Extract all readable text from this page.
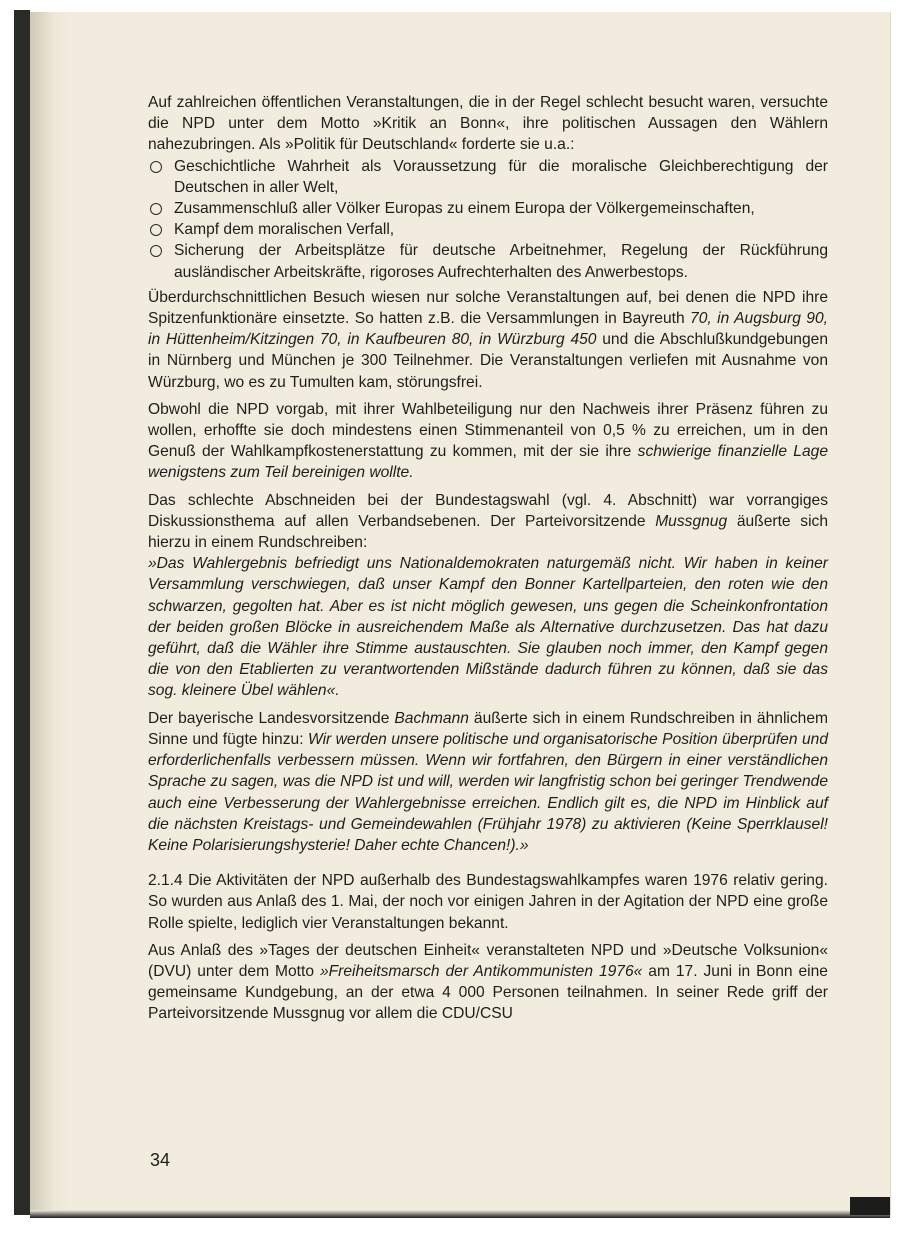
Auf zahlreichen öffentlichen Veranstaltungen, die in der Regel schlecht besucht waren, versuchte die NPD unter dem Motto »Kritik an Bonn«, ihre politischen Aussagen den Wählern nahezubringen. Als »Politik für Deutschland« forderte sie u.a.:

Geschichtliche Wahrheit als Voraussetzung für die moralische Gleichberechtigung der Deutschen in aller Welt,
Zusammenschluß aller Völker Europas zu einem Europa der Völkergemeinschaften,
Kampf dem moralischen Verfall,
Sicherung der Arbeitsplätze für deutsche Arbeitnehmer, Regelung der Rückführung ausländischer Arbeitskräfte, rigoroses Aufrechterhalten des Anwerbestops.

Überdurchschnittlichen Besuch wiesen nur solche Veranstaltungen auf, bei denen die NPD ihre Spitzenfunktionäre einsetzte. So hatten z.B. die Versammlungen in Bayreuth 70, in Augsburg 90, in Hüttenheim/Kitzingen 70, in Kaufbeuren 80, in Würzburg 450 und die Abschlußkundgebungen in Nürnberg und München je 300 Teilnehmer. Die Veranstaltungen verliefen mit Ausnahme von Würzburg, wo es zu Tumulten kam, störungsfrei.

Obwohl die NPD vorgab, mit ihrer Wahlbeteiligung nur den Nachweis ihrer Präsenz führen zu wollen, erhoffte sie doch mindestens einen Stimmenanteil von 0,5 % zu erreichen, um in den Genuß der Wahlkampfkostenerstattung zu kommen, mit der sie ihre schwierige finanzielle Lage wenigstens zum Teil bereinigen wollte.

Das schlechte Abschneiden bei der Bundestagswahl (vgl. 4. Abschnitt) war vorrangiges Diskussionsthema auf allen Verbandsebenen. Der Parteivorsitzende Mussgnug äußerte sich hierzu in einem Rundschreiben:

»Das Wahlergebnis befriedigt uns Nationaldemokraten naturgemäß nicht. Wir haben in keiner Versammlung verschwiegen, daß unser Kampf den Bonner Kartellparteien, den roten wie den schwarzen, gegolten hat. Aber es ist nicht möglich gewesen, uns gegen die Scheinkonfrontation der beiden großen Blöcke in ausreichendem Maße als Alternative durchzusetzen. Das hat dazu geführt, daß die Wähler ihre Stimme austauschten. Sie glauben noch immer, den Kampf gegen die von den Etablierten zu verantwortenden Mißstände dadurch führen zu können, daß sie das sog. kleinere Übel wählen«.

Der bayerische Landesvorsitzende Bachmann äußerte sich in einem Rundschreiben in ähnlichem Sinne und fügte hinzu: Wir werden unsere politische und organisatorische Position überprüfen und erforderlichenfalls verbessern müssen. Wenn wir fortfahren, den Bürgern in einer verständlichen Sprache zu sagen, was die NPD ist und will, werden wir langfristig schon bei geringer Trendwende auch eine Verbesserung der Wahlergebnisse erreichen. Endlich gilt es, die NPD im Hinblick auf die nächsten Kreistags- und Gemeindewahlen (Frühjahr 1978) zu aktivieren (Keine Sperrklausel! Keine Polarisierungshysterie! Daher echte Chancen!).»

2.1.4 Die Aktivitäten der NPD außerhalb des Bundestagswahlkampfes waren 1976 relativ gering. So wurden aus Anlaß des 1. Mai, der noch vor einigen Jahren in der Agitation der NPD eine große Rolle spielte, lediglich vier Veranstaltungen bekannt.

Aus Anlaß des »Tages der deutschen Einheit« veranstalteten NPD und »Deutsche Volksunion« (DVU) unter dem Motto »Freiheitsmarsch der Antikommunisten 1976« am 17. Juni in Bonn eine gemeinsame Kundgebung, an der etwa 4 000 Personen teilnahmen. In seiner Rede griff der Parteivorsitzende Mussgnug vor allem die CDU/CSU

34
